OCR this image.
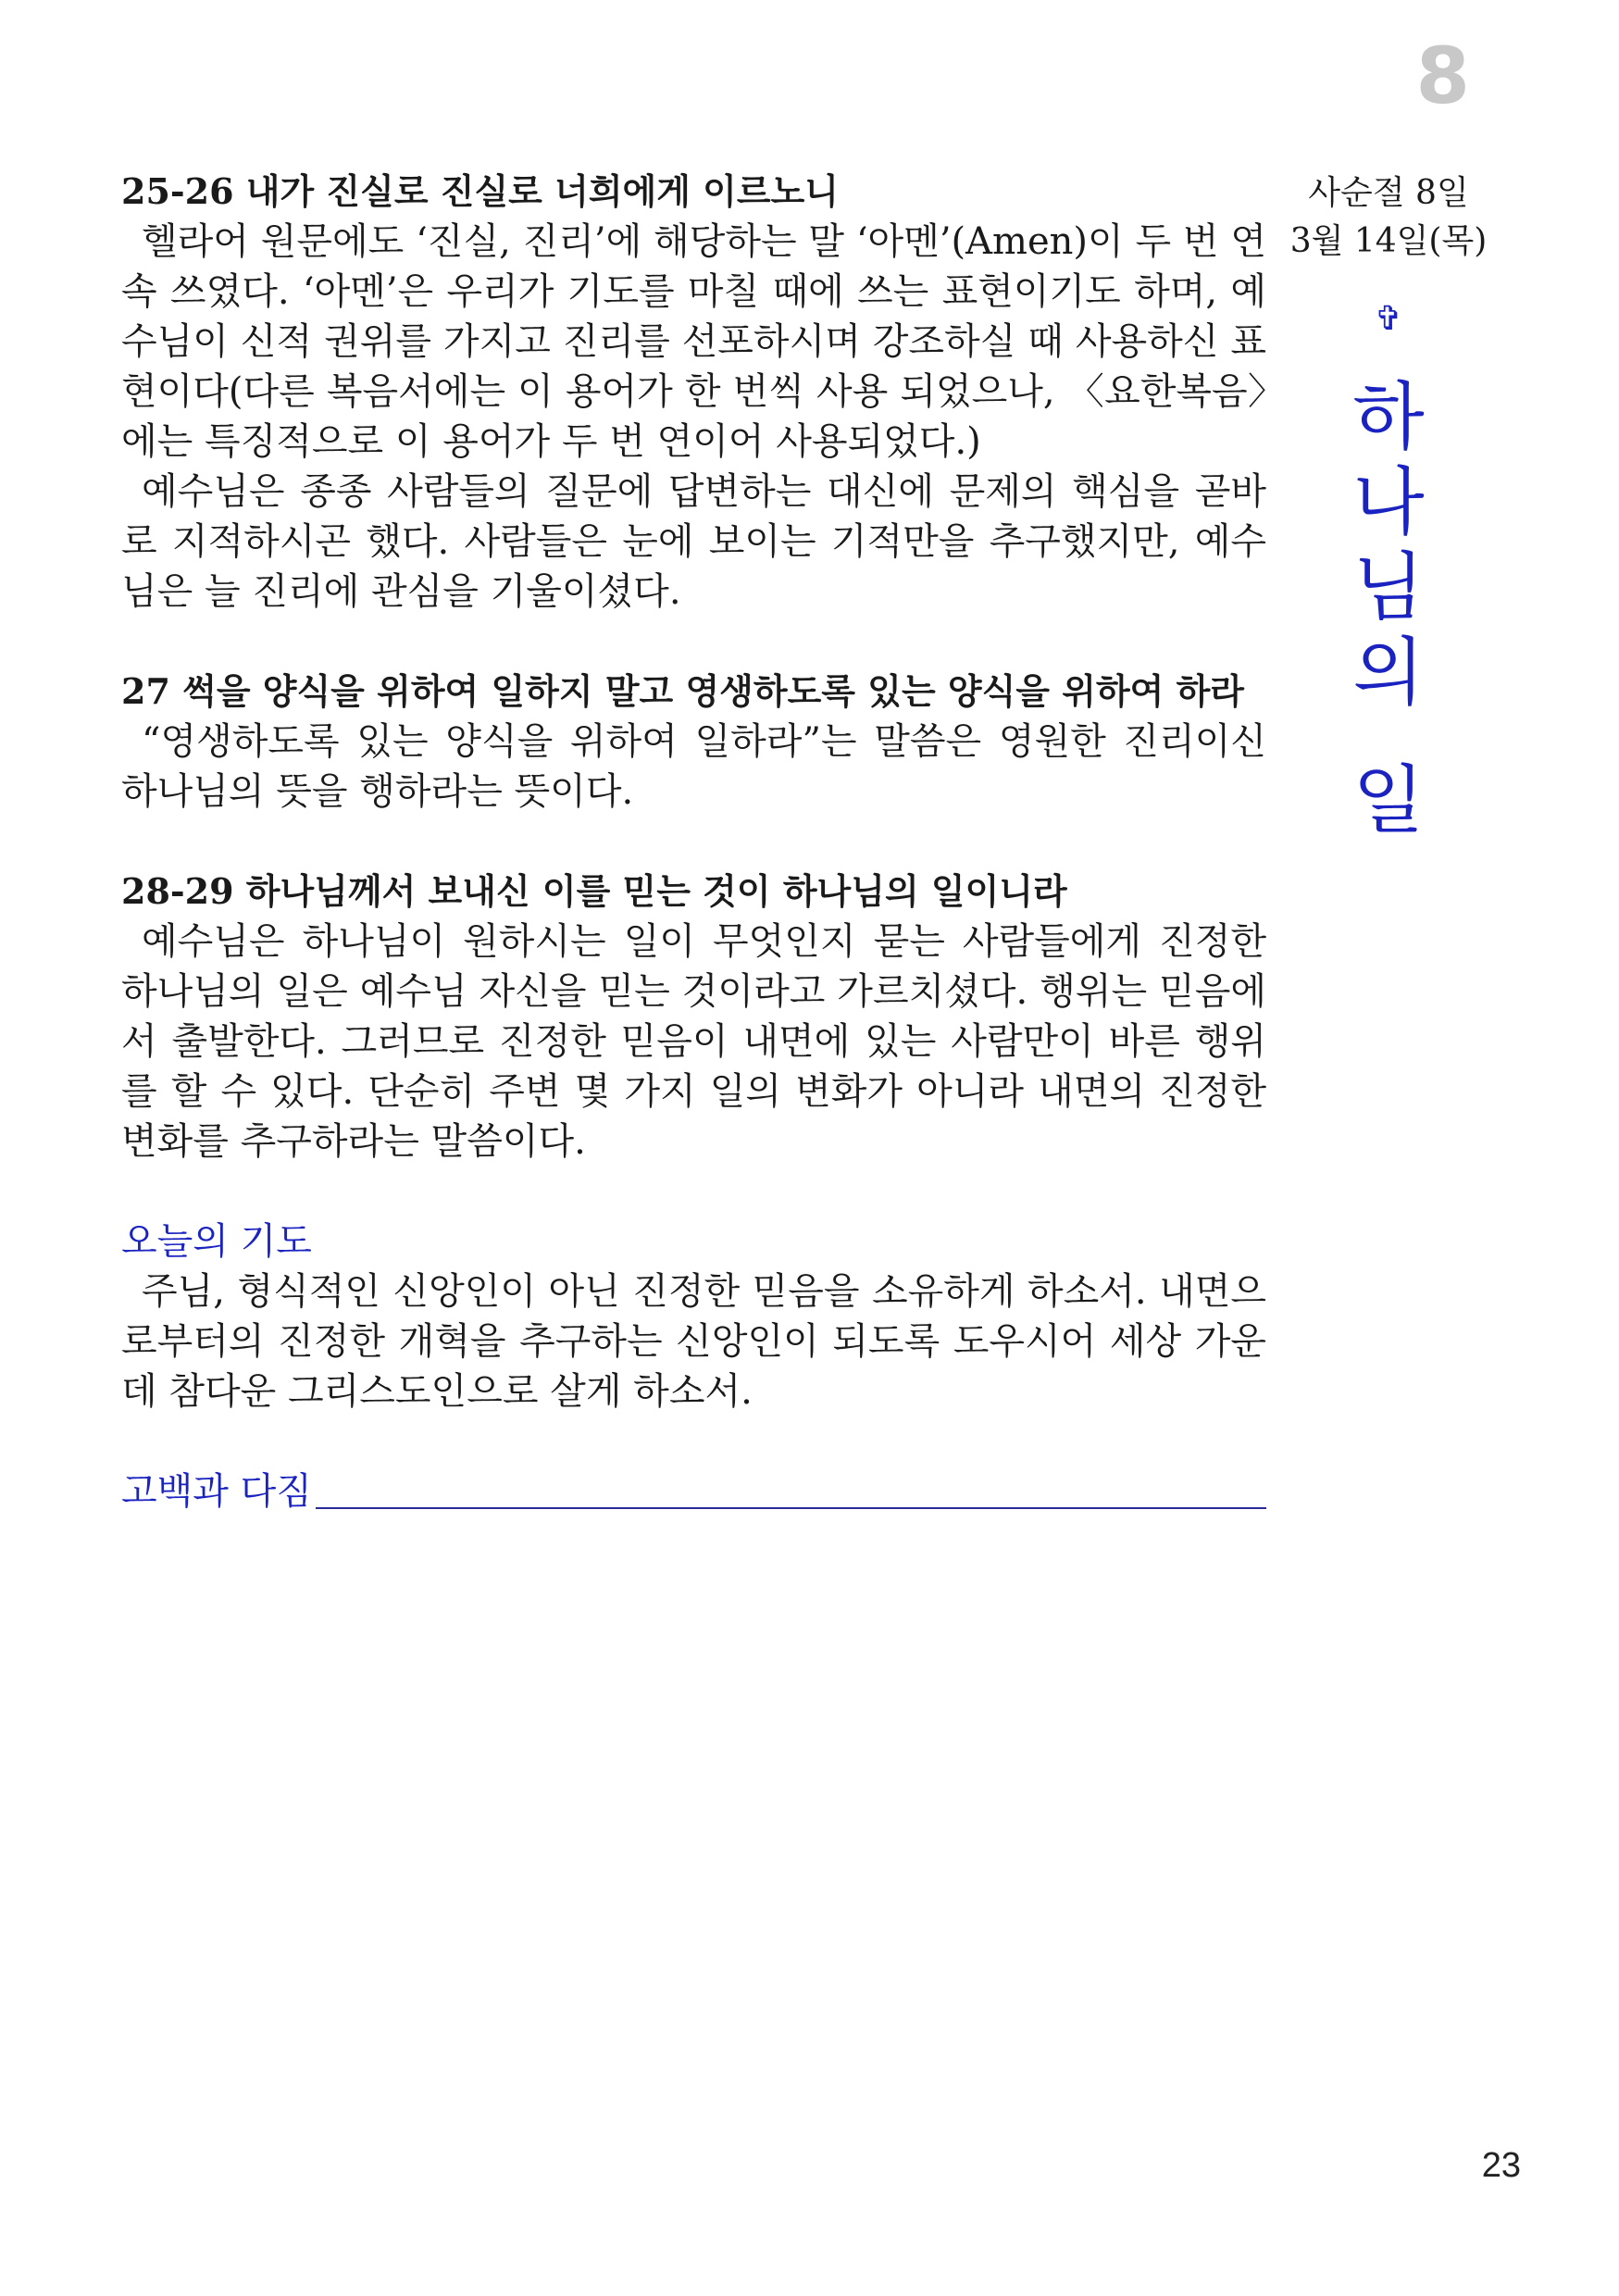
8
25-26 내가 진실로 진실로 너희에게 이르노니

헬라어 원문에도 ‘진실, 진리’에 해당하는 말 ‘아멘’(Amen)이 두 번 연속 쓰였다. ‘아멘’은 우리가 기도를 마칠 때에 쓰는 표현이기도 하며, 예수님이 신적 권위를 가지고 진리를 선포하시며 강조하실 때 사용하신 표현이다(다른 복음서에는 이 용어가 한 번씩 사용 되었으나, 〈요한복음〉에는 특징적으로 이 용어가 두 번 연이어 사용되었다.)

예수님은 종종 사람들의 질문에 답변하는 대신에 문제의 핵심을 곧바로 지적하시곤 했다. 사람들은 눈에 보이는 기적만을 추구했지만, 예수님은 늘 진리에 관심을 기울이셨다.

27 썩을 양식을 위하여 일하지 말고 영생하도록 있는 양식을 위하여 하라

“영생하도록 있는 양식을 위하여 일하라”는 말씀은 영원한 진리이신 하나님의 뜻을 행하라는 뜻이다.

28-29 하나님께서 보내신 이를 믿는 것이 하나님의 일이니라

예수님은 하나님이 원하시는 일이 무엇인지 묻는 사람들에게 진정한 하나님의 일은 예수님 자신을 믿는 것이라고 가르치셨다. 행위는 믿음에서 출발한다. 그러므로 진정한 믿음이 내면에 있는 사람만이 바른 행위를 할 수 있다. 단순히 주변 몇 가지 일의 변화가 아니라 내면의 진정한 변화를 추구하라는 말씀이다.

오늘의 기도

주님, 형식적인 신앙인이 아닌 진정한 믿음을 소유하게 하소서. 내면으로부터의 진정한 개혁을 추구하는 신앙인이 되도록 도우시어 세상 가운데 참다운 그리스도인으로 살게 하소서.

고백과 다짐
사순절 8일
3월 14일(목)
✞
하
나
님
의
일
23
